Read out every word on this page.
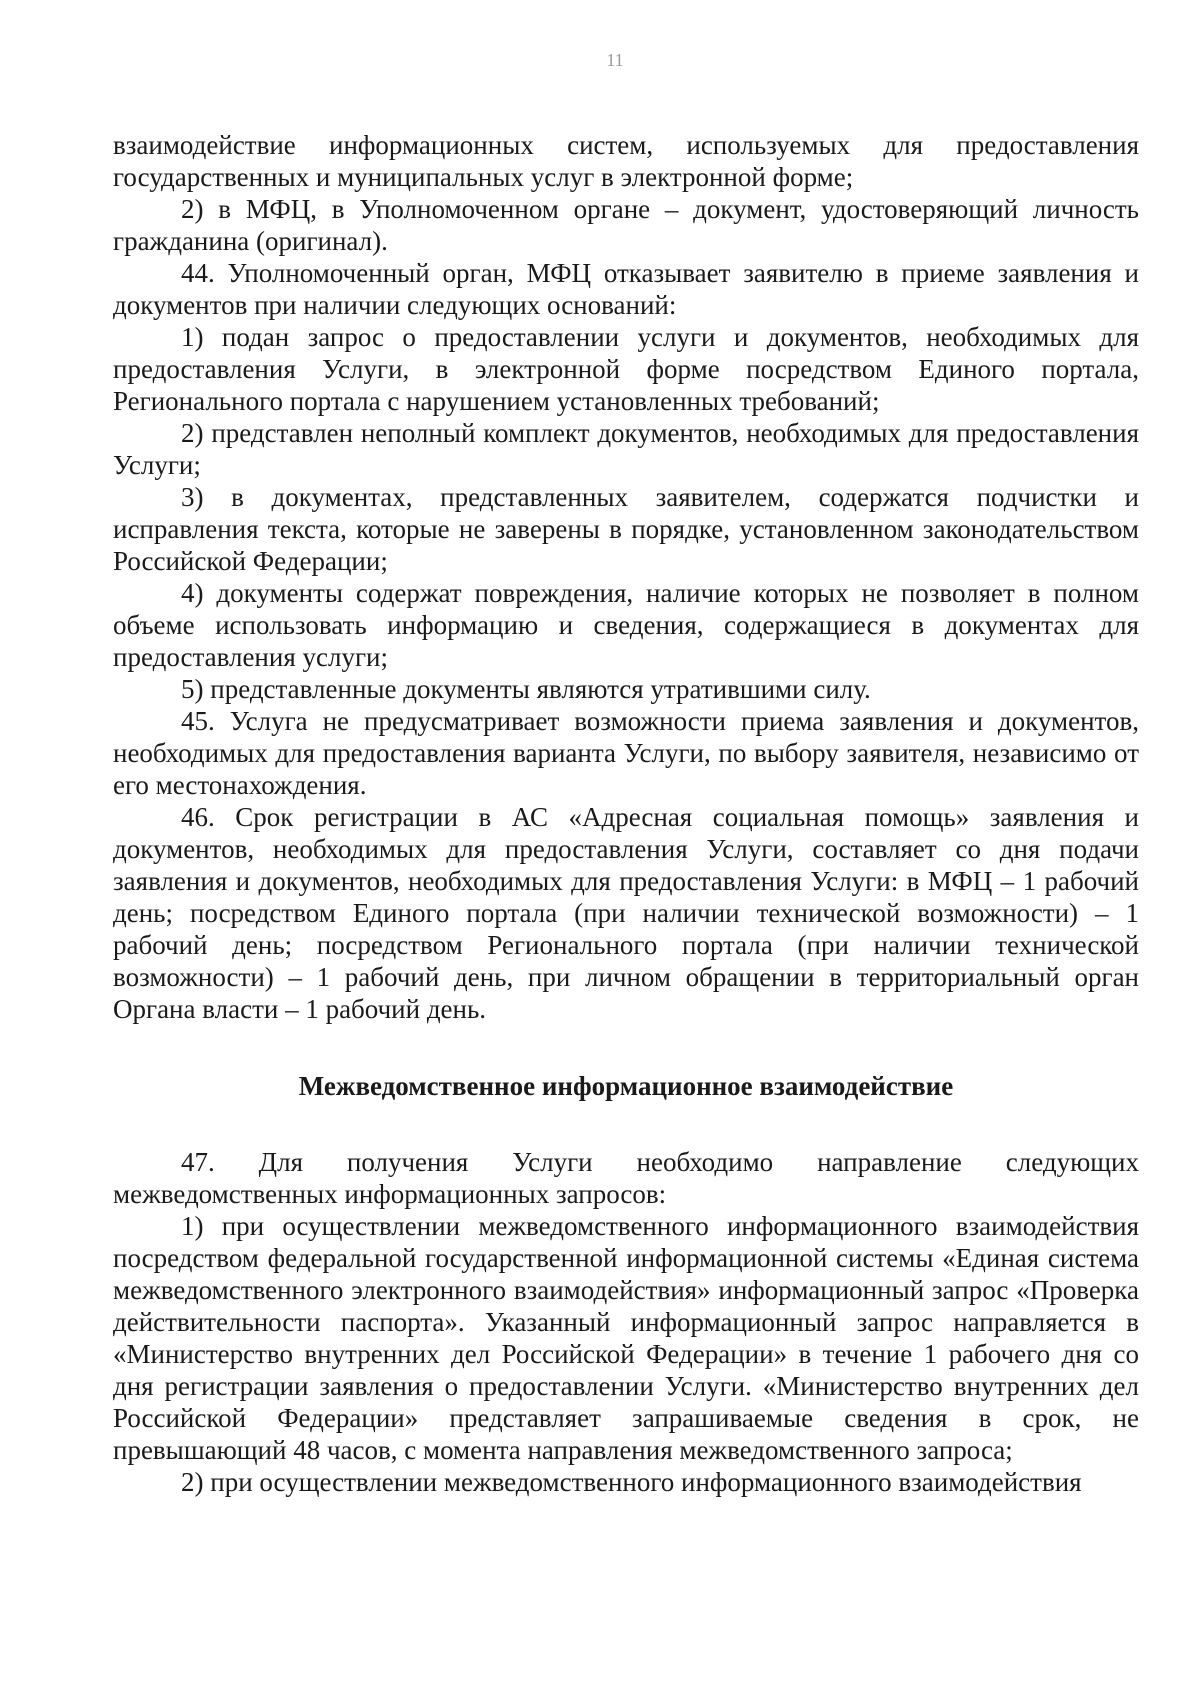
11

взаимодействие информационных систем, используемых для предоставления государственных и муниципальных услуг в электронной форме;

2) в МФЦ, в Уполномоченном органе – документ, удостоверяющий личность гражданина (оригинал).

44. Уполномоченный орган, МФЦ отказывает заявителю в приеме заявления и документов при наличии следующих оснований:

1) подан запрос о предоставлении услуги и документов, необходимых для предоставления Услуги, в электронной форме посредством Единого портала, Регионального портала с нарушением установленных требований;

2) представлен неполный комплект документов, необходимых для предоставления Услуги;

3) в документах, представленных заявителем, содержатся подчистки и исправления текста, которые не заверены в порядке, установленном законодательством Российской Федерации;

4) документы содержат повреждения, наличие которых не позволяет в полном объеме использовать информацию и сведения, содержащиеся в документах для предоставления услуги;

5) представленные документы являются утратившими силу.

45. Услуга не предусматривает возможности приема заявления и документов, необходимых для предоставления варианта Услуги, по выбору заявителя, независимо от его местонахождения.

46. Срок регистрации в АС «Адресная социальная помощь» заявления и документов, необходимых для предоставления Услуги, составляет со дня подачи заявления и документов, необходимых для предоставления Услуги: в МФЦ – 1 рабочий день; посредством Единого портала (при наличии технической возможности) – 1 рабочий день; посредством Регионального портала (при наличии технической возможности) – 1 рабочий день, при личном обращении в территориальный орган Органа власти – 1 рабочий день.

Межведомственное информационное взаимодействие

47. Для получения Услуги необходимо направление следующих межведомственных информационных запросов:

1) при осуществлении межведомственного информационного взаимодействия посредством федеральной государственной информационной системы «Единая система межведомственного электронного взаимодействия» информационный запрос «Проверка действительности паспорта». Указанный информационный запрос направляется в «Министерство внутренних дел Российской Федерации» в течение 1 рабочего дня со дня регистрации заявления о предоставлении Услуги. «Министерство внутренних дел Российской Федерации» представляет запрашиваемые сведения в срок, не превышающий 48 часов, с момента направления межведомственного запроса;

2) при осуществлении межведомственного информационного взаимодействия
